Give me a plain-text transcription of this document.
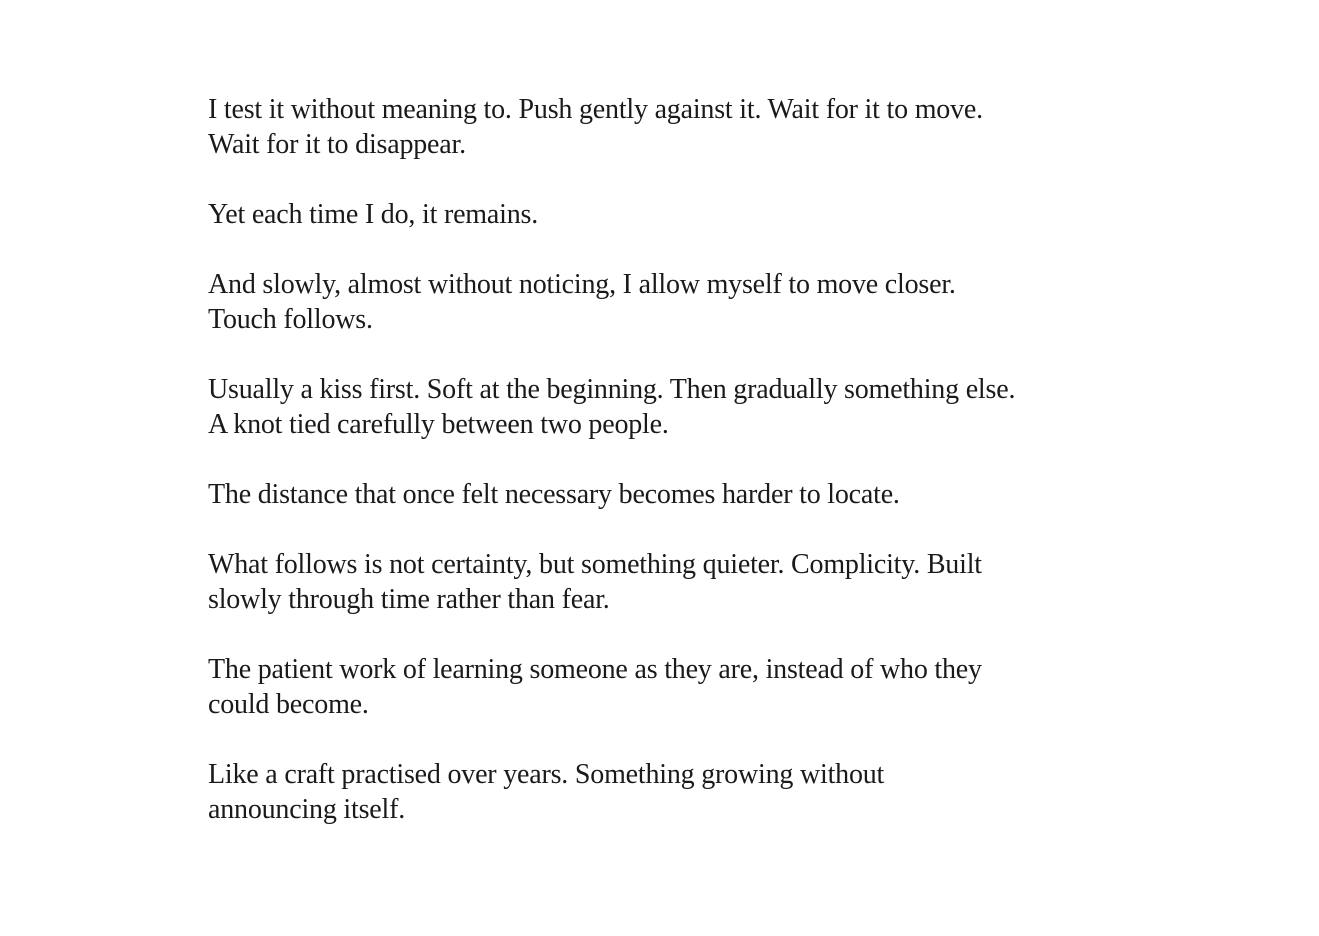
I test it without meaning to. Push gently against it. Wait for it to move.
Wait for it to disappear.

Yet each time I do, it remains.

And slowly, almost without noticing, I allow myself to move closer.
Touch follows.

Usually a kiss first. Soft at the beginning. Then gradually something else.
A knot tied carefully between two people.

The distance that once felt necessary becomes harder to locate.

What follows is not certainty, but something quieter. Complicity. Built
slowly through time rather than fear.

The patient work of learning someone as they are, instead of who they
could become.

Like a craft practised over years. Something growing without
announcing itself.
